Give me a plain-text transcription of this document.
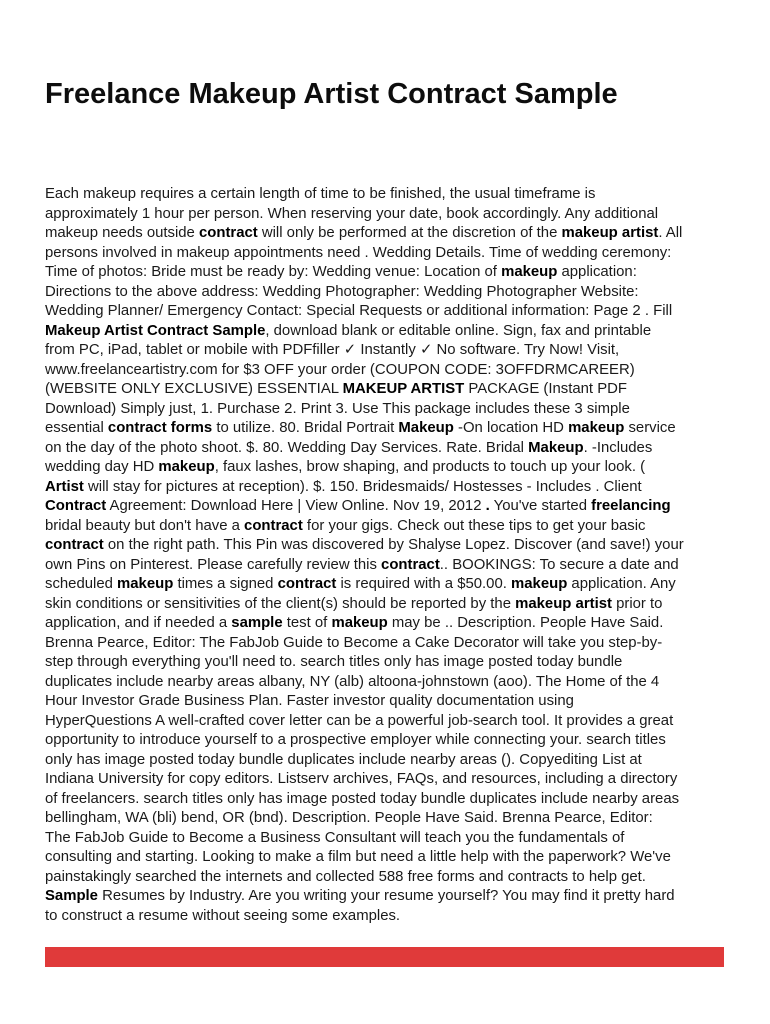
Freelance Makeup Artist Contract Sample
Each makeup requires a certain length of time to be finished, the usual timeframe is
approximately 1 hour per person. When reserving your date, book accordingly. Any additional
makeup needs outside contract will only be performed at the discretion of the makeup artist. All
persons involved in makeup appointments need . Wedding Details. Time of wedding ceremony:
Time of photos: Bride must be ready by: Wedding venue: Location of makeup application:
Directions to the above address: Wedding Photographer: Wedding Photographer Website:
Wedding Planner/ Emergency Contact: Special Requests or additional information: Page 2 . Fill
Makeup Artist Contract Sample, download blank or editable online. Sign, fax and printable
from PC, iPad, tablet or mobile with PDFfiller ✓ Instantly ✓ No software. Try Now! Visit,
www.freelanceartistry.com for $3 OFF your order (COUPON CODE: 3OFFDRMCAREER)
(WEBSITE ONLY EXCLUSIVE) ESSENTIAL MAKEUP ARTIST PACKAGE (Instant PDF
Download) Simply just, 1. Purchase 2. Print 3. Use This package includes these 3 simple
essential contract forms to utilize. 80. Bridal Portrait Makeup -On location HD makeup service
on the day of the photo shoot. $. 80. Wedding Day Services. Rate. Bridal Makeup. -Includes
wedding day HD makeup, faux lashes, brow shaping, and products to touch up your look. (
Artist will stay for pictures at reception). $. 150. Bridesmaids/ Hostesses - Includes . Client
Contract Agreement: Download Here | View Online. Nov 19, 2012 . You've started freelancing
bridal beauty but don't have a contract for your gigs. Check out these tips to get your basic
contract on the right path. This Pin was discovered by Shalyse Lopez. Discover (and save!) your
own Pins on Pinterest. Please carefully review this contract.. BOOKINGS: To secure a date and
scheduled makeup times a signed contract is required with a $50.00. makeup application. Any
skin conditions or sensitivities of the client(s) should be reported by the makeup artist prior to
application, and if needed a sample test of makeup may be .. Description. People Have Said.
Brenna Pearce, Editor: The FabJob Guide to Become a Cake Decorator will take you step-by-
step through everything you'll need to. search titles only has image posted today bundle
duplicates include nearby areas albany, NY (alb) altoona-johnstown (aoo). The Home of the 4
Hour Investor Grade Business Plan. Faster investor quality documentation using
HyperQuestions A well-crafted cover letter can be a powerful job-search tool. It provides a great
opportunity to introduce yourself to a prospective employer while connecting your. search titles
only has image posted today bundle duplicates include nearby areas (). Copyediting List at
Indiana University for copy editors. Listserv archives, FAQs, and resources, including a directory
of freelancers. search titles only has image posted today bundle duplicates include nearby areas
bellingham, WA (bli) bend, OR (bnd). Description. People Have Said. Brenna Pearce, Editor:
The FabJob Guide to Become a Business Consultant will teach you the fundamentals of
consulting and starting. Looking to make a film but need a little help with the paperwork? We've
painstakingly searched the internets and collected 588 free forms and contracts to help get.
Sample Resumes by Industry. Are you writing your resume yourself? You may find it pretty hard
to construct a resume without seeing some examples.
